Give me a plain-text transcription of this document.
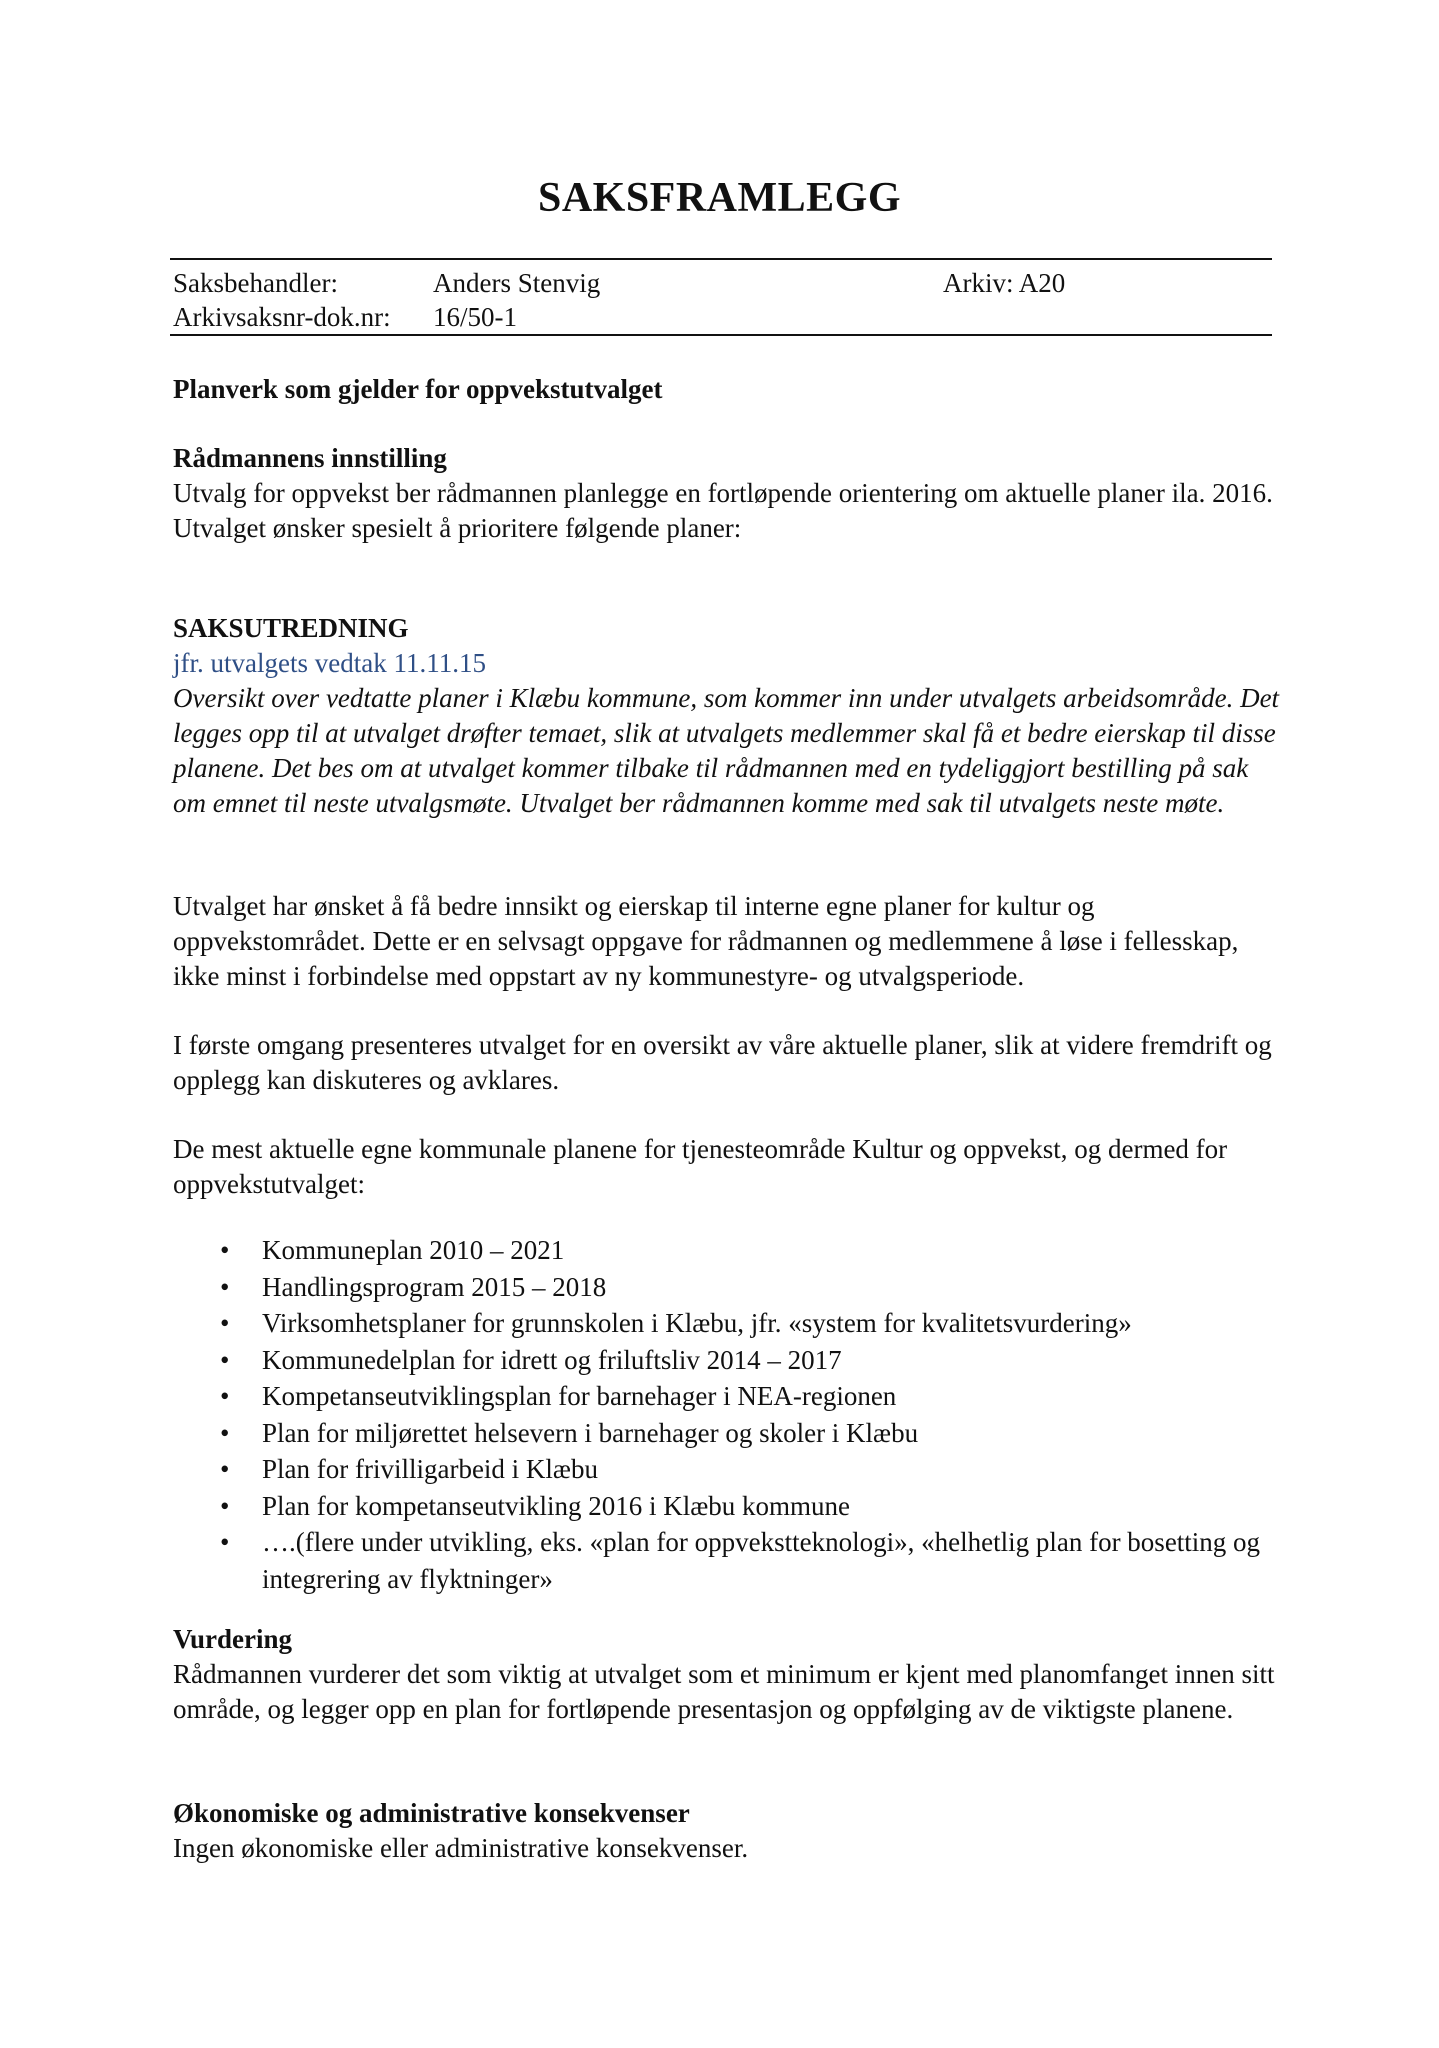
SAKSFRAMLEGG
Saksbehandler:	Anders Stenvig	Arkiv: A20
Arkivsaksnr-dok.nr: 16/50-1
Planverk som gjelder for oppvekstutvalget
Rådmannens innstilling
Utvalg for oppvekst ber rådmannen planlegge en fortløpende orientering om aktuelle planer ila. 2016. Utvalget ønsker spesielt å prioritere følgende planer:
SAKSUTREDNING
jfr. utvalgets vedtak 11.11.15
Oversikt over vedtatte planer i Klæbu kommune, som kommer inn under utvalgets arbeidsområde. Det legges opp til at utvalget drøfter temaet, slik at utvalgets medlemmer skal få et bedre eierskap til disse planene. Det bes om at utvalget kommer tilbake til rådmannen med en tydeliggjort bestilling på sak om emnet til neste utvalgsmøte. Utvalget ber rådmannen komme med sak til utvalgets neste møte.
Utvalget har ønsket å få bedre innsikt og eierskap til interne egne planer for kultur og oppvekstområdet. Dette er en selvsagt oppgave for rådmannen og medlemmene å løse i fellesskap, ikke minst i forbindelse med oppstart av ny kommunestyre- og utvalgsperiode.
I første omgang presenteres utvalget for en oversikt av våre aktuelle planer, slik at videre fremdrift og opplegg kan diskuteres og avklares.
De mest aktuelle egne kommunale planene for tjenesteområde Kultur og oppvekst, og dermed for oppvekstutvalget:
• Kommuneplan 2010 – 2021
• Handlingsprogram 2015 – 2018
• Virksomhetsplaner for grunnskolen i Klæbu, jfr. «system for kvalitetsvurdering»
• Kommunedelplan for idrett og friluftsliv 2014 – 2017
• Kompetanseutviklingsplan for barnehager i NEA-regionen
• Plan for miljørettet helsevern i barnehager og skoler i Klæbu
• Plan for frivilligarbeid i Klæbu
• Plan for kompetanseutvikling 2016 i Klæbu kommune
• ….(flere under utvikling, eks. «plan for oppvekstteknologi», «helhetlig plan for bosetting og integrering av flyktninger»
Vurdering
Rådmannen vurderer det som viktig at utvalget som et minimum er kjent med planomfanget innen sitt område, og legger opp en plan for fortløpende presentasjon og oppfølging av de viktigste planene.
Økonomiske og administrative konsekvenser
Ingen økonomiske eller administrative konsekvenser.
